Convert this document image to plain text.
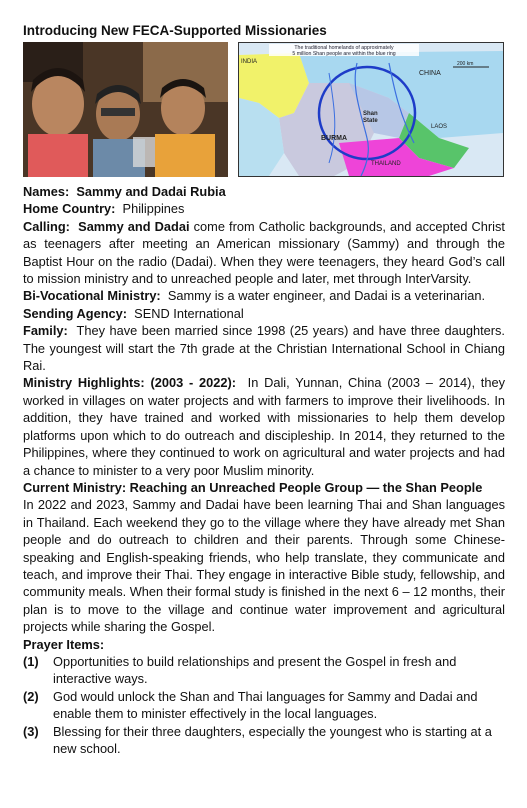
Introducing New FECA-Supported Missionaries
The traditional homelands of approximately
5 million Shan people are within the blue ring
INDIA
CHINA
BURMA
Shan
State
LAOS
THAILAND
200 km

Names: Sammy and Dadai Rubia

Home Country: Philippines

Calling: Sammy and Dadai come from Catholic backgrounds, and accepted Christ as teenagers after meeting an American missionary (Sammy) and through the Baptist Hour on the radio (Dadai). When they were teenagers, they heard God’s call to mission ministry and to unreached people and later, met through InterVarsity.

Bi-Vocational Ministry: Sammy is a water engineer, and Dadai is a veterinarian.

Sending Agency: SEND International

Family: They have been married since 1998 (25 years) and have three daughters. The youngest will start the 7th grade at the Christian International School in Chiang Rai.

Ministry Highlights: (2003 - 2022): In Dali, Yunnan, China (2003 – 2014), they worked in villages on water projects and with farmers to improve their livelihoods. In addition, they have trained and worked with missionaries to help them develop platforms upon which to do outreach and discipleship. In 2014, they returned to the Philippines, where they continued to work on agricultural and water projects and had a chance to minister to a very poor Muslim minority.

Current Ministry: Reaching an Unreached People Group — the Shan People

In 2022 and 2023, Sammy and Dadai have been learning Thai and Shan languages in Thailand. Each weekend they go to the village where they have already met Shan people and do outreach to children and their parents. Through some Chinese-speaking and English-speaking friends, who help translate, they communicate and teach, and improve their Thai. They engage in interactive Bible study, fellowship, and community meals. When their formal study is finished in the next 6 – 12 months, their plan is to move to the village and continue water improvement and agricultural projects while sharing the Gospel.

Prayer Items:

(1) Opportunities to build relationships and present the Gospel in fresh and interactive ways.
(2) God would unlock the Shan and Thai languages for Sammy and Dadai and enable them to minister effectively in the local languages.
(3) Blessing for their three daughters, especially the youngest who is starting at a new school.
